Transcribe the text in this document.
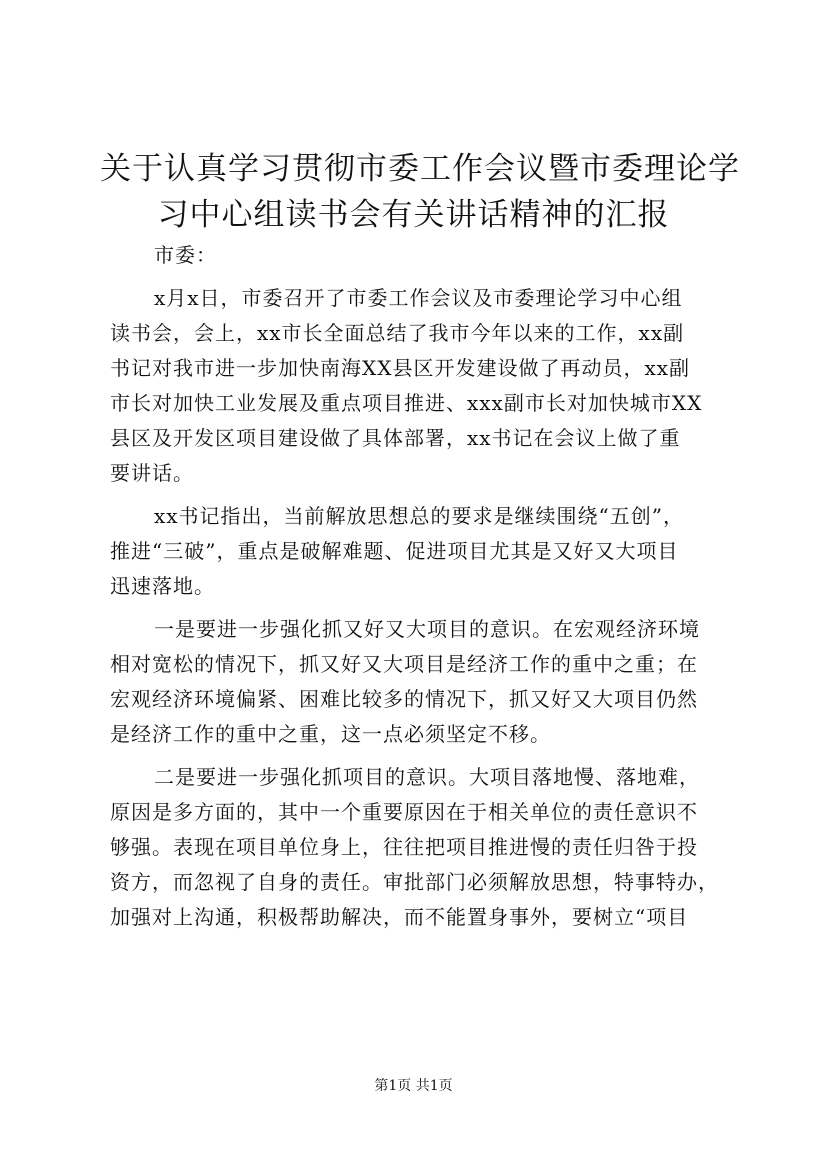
关于认真学习贯彻市委工作会议暨市委理论学
习中心组读书会有关讲话精神的汇报
市委：
x月x日，市委召开了市委工作会议及市委理论学习中心组
读书会，会上，xx市长全面总结了我市今年以来的工作，xx副
书记对我市进一步加快南海XX县区开发建设做了再动员，xx副
市长对加快工业发展及重点项目推进、xxx副市长对加快城市XX
县区及开发区项目建设做了具体部署，xx书记在会议上做了重
要讲话。
xx书记指出，当前解放思想总的要求是继续围绕“五创”，
推进“三破”，重点是破解难题、促进项目尤其是又好又大项目
迅速落地。
一是要进一步强化抓又好又大项目的意识。在宏观经济环境
相对宽松的情况下，抓又好又大项目是经济工作的重中之重；在
宏观经济环境偏紧、困难比较多的情况下，抓又好又大项目仍然
是经济工作的重中之重，这一点必须坚定不移。
二是要进一步强化抓项目的意识。大项目落地慢、落地难，
原因是多方面的，其中一个重要原因在于相关单位的责任意识不
够强。表现在项目单位身上，往往把项目推进慢的责任归咎于投
资方，而忽视了自身的责任。审批部门必须解放思想，特事特办，
加强对上沟通，积极帮助解决，而不能置身事外，要树立“项目
第1页 共1页
